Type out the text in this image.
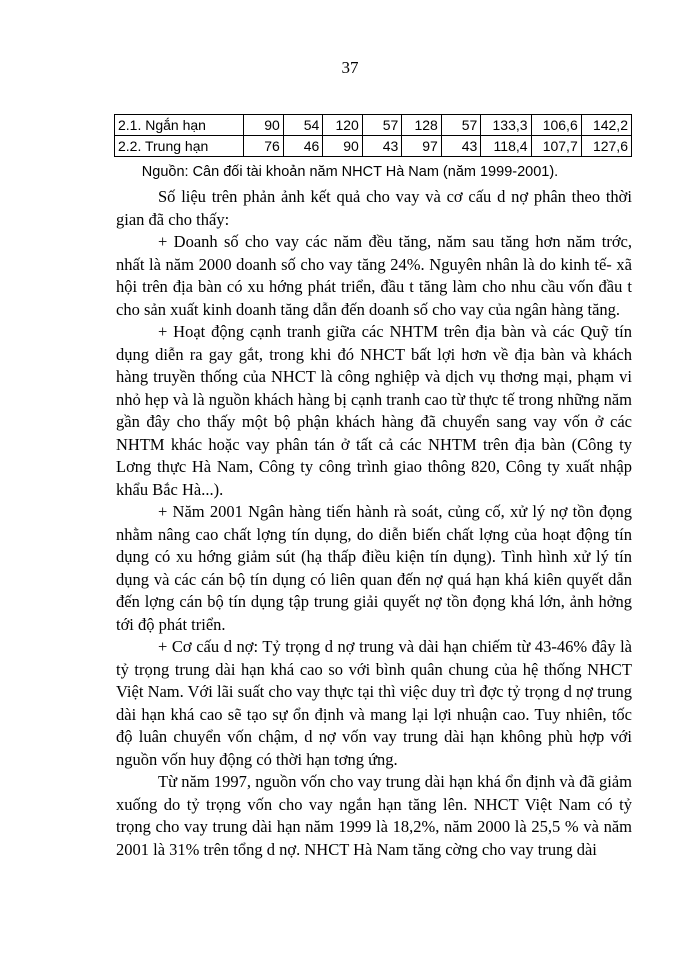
37
2.1. Ngắn hạn	90	54	120	57	128	57	133,3	106,6	142,2
2.2. Trung hạn	76	46	90	43	97	43	118,4	107,7	127,6
Nguồn: Cân đối tài khoản năm NHCT Hà Nam (năm 1999-2001).

Số liệu trên phản ảnh kết quả cho vay và cơ cấu d nợ phân theo thời gian đã cho thấy:

+ Doanh số cho vay các năm đều tăng, năm sau tăng hơn năm trớc, nhất là năm 2000 doanh số cho vay tăng 24%. Nguyên nhân là do kinh tế- xã hội trên địa bàn có xu hớng phát triển, đầu t tăng làm cho nhu cầu vốn đầu t cho sản xuất kinh doanh tăng dẫn đến doanh số cho vay của ngân hàng tăng.

+ Hoạt động cạnh tranh giữa các NHTM trên địa bàn và các Quỹ tín dụng diễn ra gay gắt, trong khi đó NHCT bất lợi hơn về địa bàn và khách hàng truyền thống của NHCT là công nghiệp và dịch vụ thơng mại, phạm vi nhỏ hẹp và là nguồn khách hàng bị cạnh tranh cao từ thực tế trong những năm gần đây cho thấy một bộ phận khách hàng đã chuyển sang vay vốn ở các NHTM khác hoặc vay phân tán ở tất cả các NHTM trên địa bàn (Công ty Lơng thực Hà Nam, Công ty công trình giao thông 820, Công ty xuất nhập khẩu Bắc Hà...).

+ Năm 2001 Ngân hàng tiến hành rà soát, củng cố, xử lý nợ tồn đọng nhằm nâng cao chất lợng tín dụng, do diễn biến chất lợng của hoạt động tín dụng có xu hớng giảm sút (hạ thấp điều kiện tín dụng). Tình hình xử lý tín dụng và các cán bộ tín dụng có liên quan đến nợ quá hạn khá kiên quyết dẫn đến lợng cán bộ tín dụng tập trung giải quyết nợ tồn đọng khá lớn, ảnh hởng tới độ phát triển.

+ Cơ cấu d nợ: Tỷ trọng d nợ trung và dài hạn chiếm từ 43-46% đây là tỷ trọng trung dài hạn khá cao so với bình quân chung của hệ thống NHCT Việt Nam. Với lãi suất cho vay thực tại thì việc duy trì đợc tỷ trọng d nợ trung dài hạn khá cao sẽ tạo sự ổn định và mang lại lợi nhuận cao. Tuy nhiên, tốc độ luân chuyển vốn chậm, d nợ vốn vay trung dài hạn không phù hợp với nguồn vốn huy động có thời hạn tơng ứng.

Từ năm 1997, nguồn vốn cho vay trung dài hạn khá ổn định và đã giảm xuống do tỷ trọng vốn cho vay ngắn hạn tăng lên. NHCT Việt Nam có tỷ trọng cho vay trung dài hạn năm 1999 là 18,2%, năm 2000 là 25,5 % và năm 2001 là 31% trên tổng d nợ. NHCT Hà Nam tăng cờng cho vay trung dài
